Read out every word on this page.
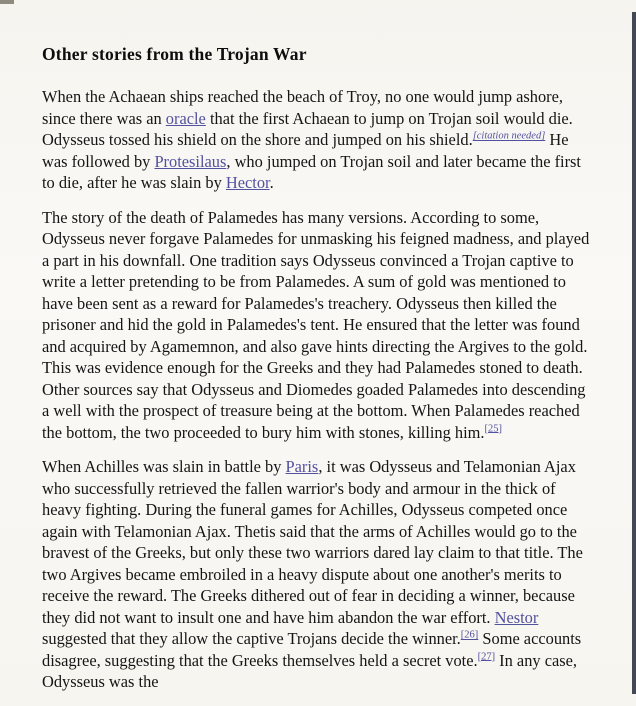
Other stories from the Trojan War

When the Achaean ships reached the beach of Troy, no one would jump ashore, since there was an oracle that the first Achaean to jump on Trojan soil would die. Odysseus tossed his shield on the shore and jumped on his shield.[citation needed] He was followed by Protesilaus, who jumped on Trojan soil and later became the first to die, after he was slain by Hector.

The story of the death of Palamedes has many versions. According to some, Odysseus never forgave Palamedes for unmasking his feigned madness, and played a part in his downfall. One tradition says Odysseus convinced a Trojan captive to write a letter pretending to be from Palamedes. A sum of gold was mentioned to have been sent as a reward for Palamedes's treachery. Odysseus then killed the prisoner and hid the gold in Palamedes's tent. He ensured that the letter was found and acquired by Agamemnon, and also gave hints directing the Argives to the gold. This was evidence enough for the Greeks and they had Palamedes stoned to death. Other sources say that Odysseus and Diomedes goaded Palamedes into descending a well with the prospect of treasure being at the bottom. When Palamedes reached the bottom, the two proceeded to bury him with stones, killing him.[25]

When Achilles was slain in battle by Paris, it was Odysseus and Telamonian Ajax who successfully retrieved the fallen warrior's body and armour in the thick of heavy fighting. During the funeral games for Achilles, Odysseus competed once again with Telamonian Ajax. Thetis said that the arms of Achilles would go to the bravest of the Greeks, but only these two warriors dared lay claim to that title. The two Argives became embroiled in a heavy dispute about one another's merits to receive the reward. The Greeks dithered out of fear in deciding a winner, because they did not want to insult one and have him abandon the war effort. Nestor suggested that they allow the captive Trojans decide the winner.[26] Some accounts disagree, suggesting that the Greeks themselves held a secret vote.[27] In any case, Odysseus was the
